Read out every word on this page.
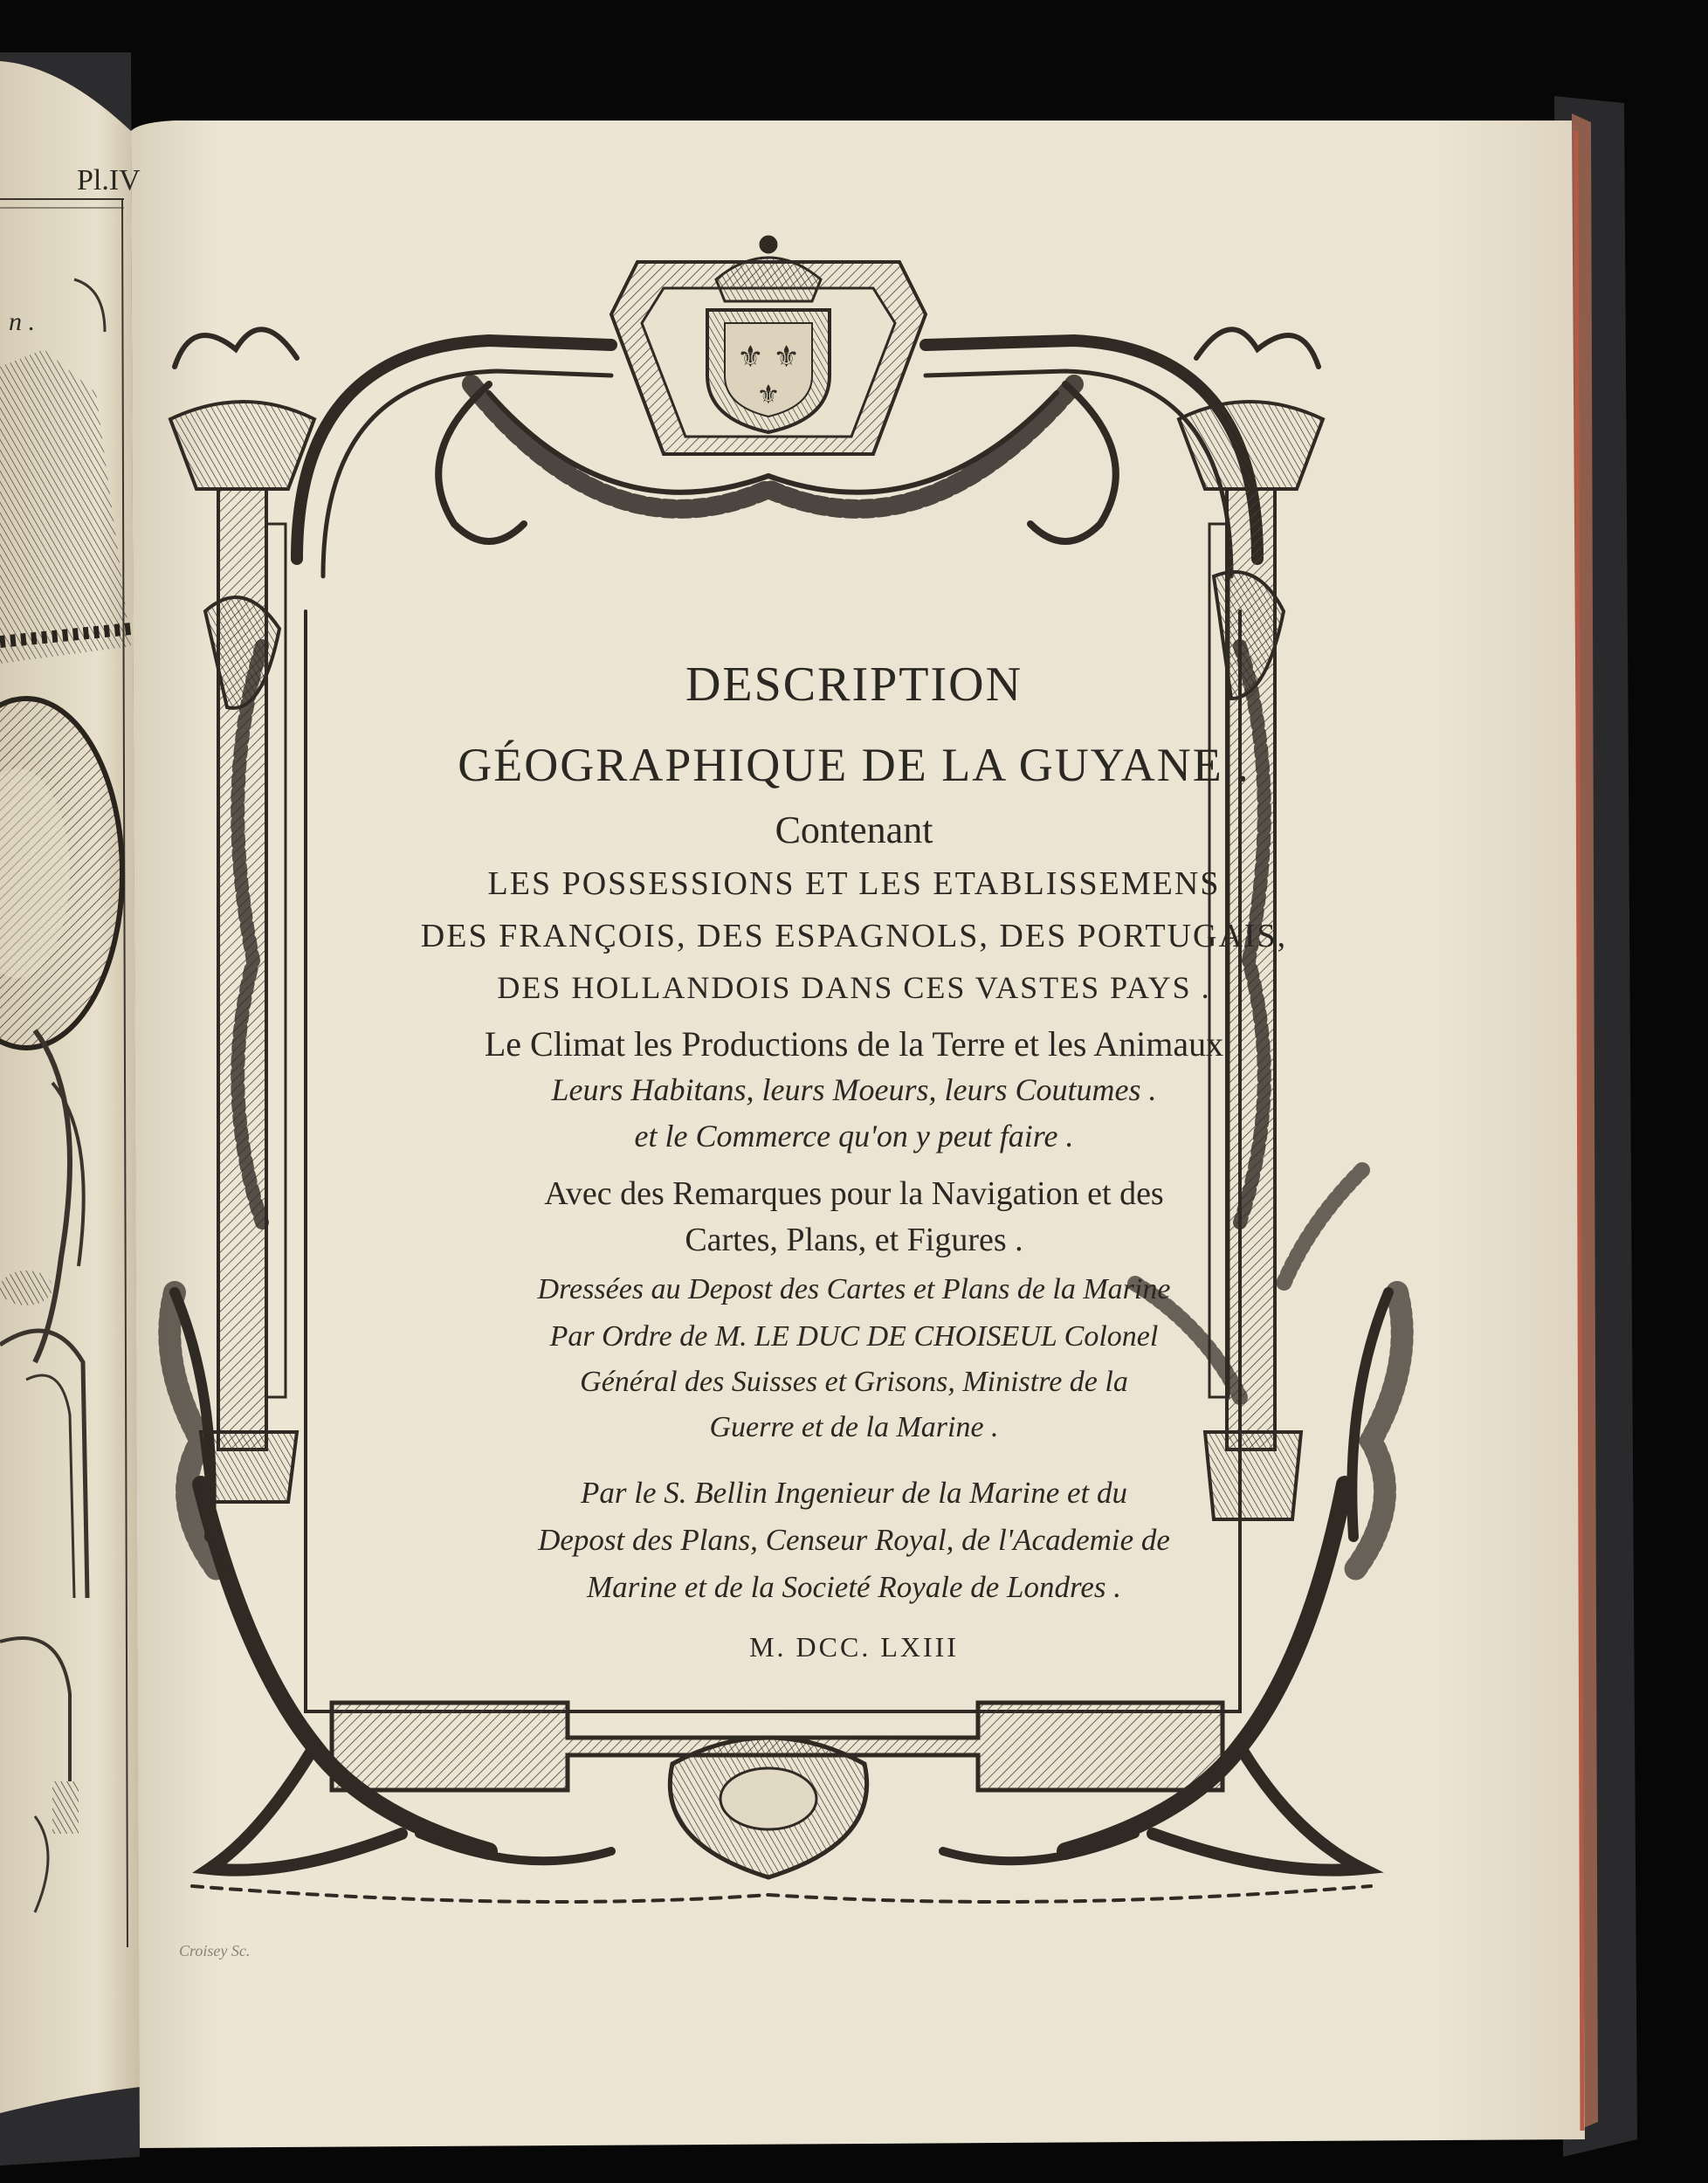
⚜ ⚜
⚜
n .
Pl.IV

DESCRIPTION

GÉOGRAPHIQUE DE LA GUYANE .

Contenant

LES POSSESSIONS ET LES ETABLISSEMENS

DES FRANÇOIS, DES ESPAGNOLS, DES PORTUGAIS,

DES HOLLANDOIS DANS CES VASTES PAYS .

Le Climat les Productions de la Terre et les Animaux

Leurs Habitans, leurs Moeurs, leurs Coutumes .

et le Commerce qu'on y peut faire .

Avec des Remarques pour la Navigation et des

Cartes, Plans, et Figures .

Dressées au Depost des Cartes et Plans de la Marine

Par Ordre de M. LE DUC DE CHOISEUL Colonel

Général des Suisses et Grisons, Ministre de la

Guerre et de la Marine .

Par le S. Bellin Ingenieur de la Marine et du

Depost des Plans, Censeur Royal, de l'Academie de

Marine et de la Societé Royale de Londres .

M. DCC. LXIII

Croisey Sc.
